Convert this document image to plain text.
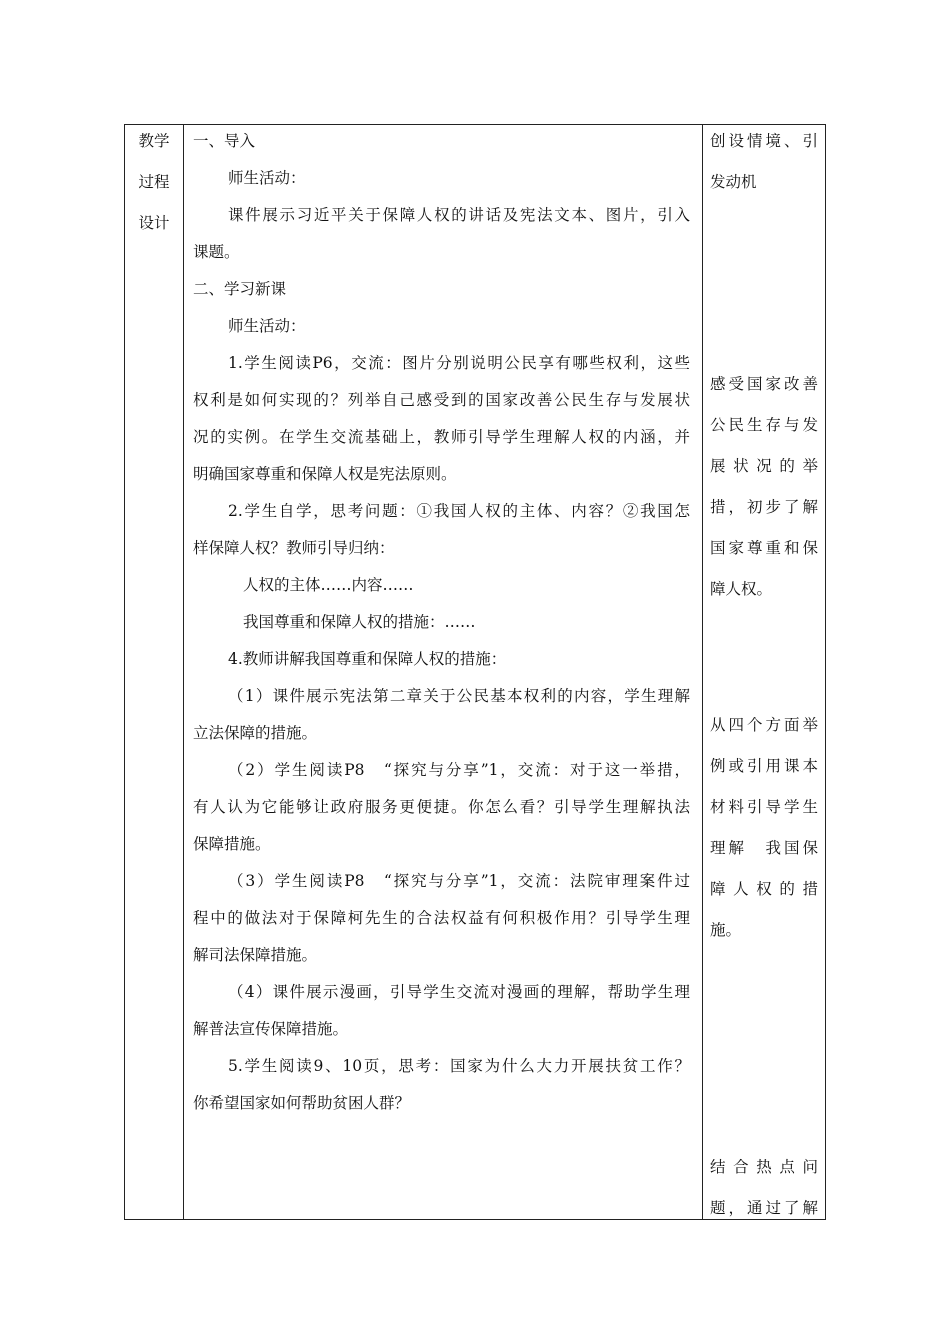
教学
过程
设计
一、导入
师生活动：
课件展示习近平关于保障人权的讲话及宪法文本、图片，引入
课题。
二、学习新课
师生活动：
1.学生阅读P6，交流：图片分别说明公民享有哪些权利，这些
权利是如何实现的？列举自己感受到的国家改善公民生存与发展状
况的实例。在学生交流基础上，教师引导学生理解人权的内涵，并
明确国家尊重和保障人权是宪法原则。
2.学生自学，思考问题：①我国人权的主体、内容？②我国怎
样保障人权？教师引导归纳：
人权的主体……内容……
我国尊重和保障人权的措施：……
4.教师讲解我国尊重和保障人权的措施：
（1）课件展示宪法第二章关于公民基本权利的内容，学生理解
立法保障的措施。
（2）学生阅读P8　“探究与分享”1，交流：对于这一举措，
有人认为它能够让政府服务更便捷。你怎么看？引导学生理解执法
保障措施。
（3）学生阅读P8　“探究与分享”1，交流：法院审理案件过
程中的做法对于保障柯先生的合法权益有何积极作用？引导学生理
解司法保障措施。
（4）课件展示漫画，引导学生交流对漫画的理解，帮助学生理
解普法宣传保障措施。
5.学生阅读9、10页，思考：国家为什么大力开展扶贫工作？
你希望国家如何帮助贫困人群？
创设情境、引
发动机
感受国家改善
公民生存与发
展状况的举
措，初步了解
国家尊重和保
障人权。
从四个方面举
例或引用课本
材料引导学生
理解　我国保
障人权的措
施。
结合热点问
题，通过了解
